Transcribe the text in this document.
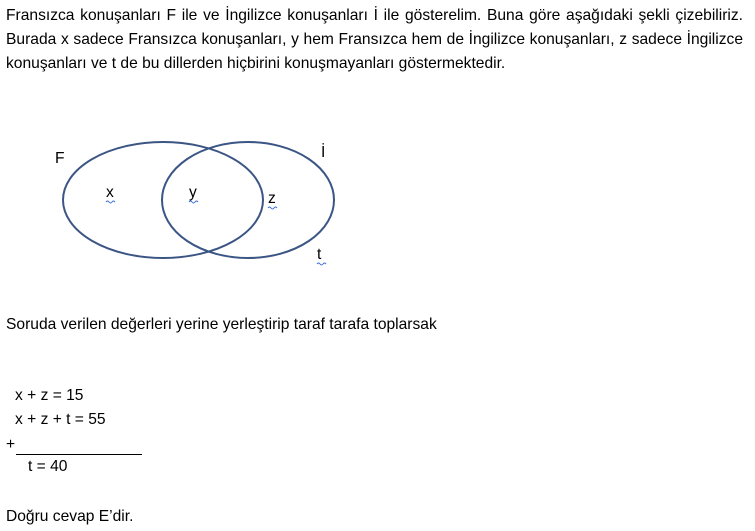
Fransızca konuşanları F ile ve İngilizce konuşanları İ ile gösterelim. Buna göre aşağıdaki şekli çizebiliriz. Burada x sadece Fransızca konuşanları, y hem Fransızca hem de İngilizce konuşanları, z sadece İngilizce konuşanları ve t de bu dillerden hiçbirini konuşmayanları göstermektedir.

F	İ
x	y	z
t

Soruda verilen değerleri yerine yerleştirip taraf tarafa toplarsak

x + z = 15

x + z + t = 55

+

t = 40

Doğru cevap E’dir.
